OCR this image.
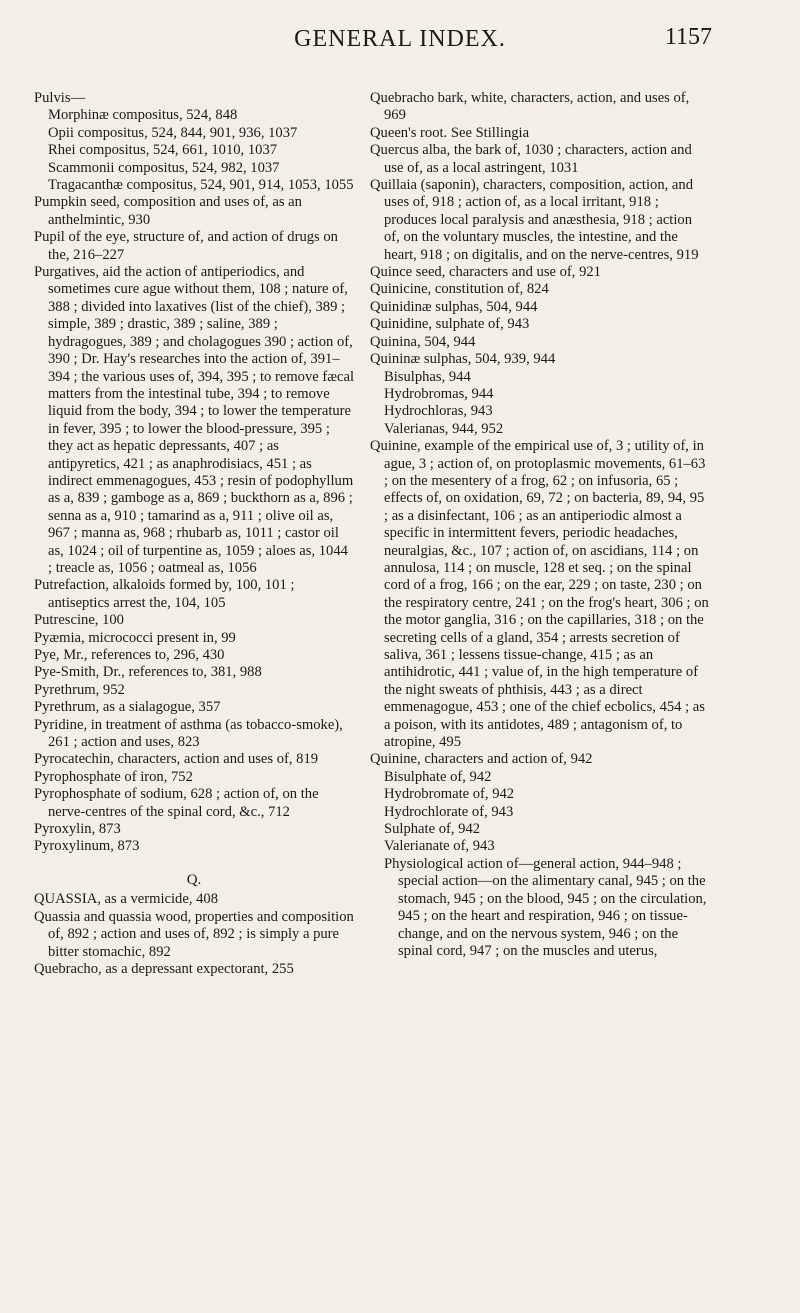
GENERAL INDEX.	1157

Pulvis—

Morphinæ compositus, 524, 848

Opii compositus, 524, 844, 901, 936, 1037

Rhei compositus, 524, 661, 1010, 1037

Scammonii compositus, 524, 982, 1037

Tragacanthæ compositus, 524, 901, 914, 1053, 1055

Pumpkin seed, composition and uses of, as an anthelmintic, 930

Pupil of the eye, structure of, and action of drugs on the, 216–227

Purgatives, aid the action of antiperiodics, and sometimes cure ague without them, 108 ; nature of, 388 ; divided into laxatives (list of the chief), 389 ; simple, 389 ; drastic, 389 ; saline, 389 ; hydragogues, 389 ; and cholagogues 390 ; action of, 390 ; Dr. Hay's researches into the action of, 391–394 ; the various uses of, 394, 395 ; to remove fæcal matters from the intestinal tube, 394 ; to remove liquid from the body, 394 ; to lower the temperature in fever, 395 ; to lower the blood-pressure, 395 ; they act as hepatic depressants, 407 ; as antipyretics, 421 ; as anaphrodisiacs, 451 ; as indirect emmenagogues, 453 ; resin of podophyllum as a, 839 ; gamboge as a, 869 ; buckthorn as a, 896 ; senna as a, 910 ; tamarind as a, 911 ; olive oil as, 967 ; manna as, 968 ; rhubarb as, 1011 ; castor oil as, 1024 ; oil of turpentine as, 1059 ; aloes as, 1044 ; treacle as, 1056 ; oatmeal as, 1056

Putrefaction, alkaloids formed by, 100, 101 ; antiseptics arrest the, 104, 105

Putrescine, 100

Pyæmia, micrococci present in, 99

Pye, Mr., references to, 296, 430

Pye-Smith, Dr., references to, 381, 988

Pyrethrum, 952

Pyrethrum, as a sialagogue, 357

Pyridine, in treatment of asthma (as tobacco-smoke), 261 ; action and uses, 823

Pyrocatechin, characters, action and uses of, 819

Pyrophosphate of iron, 752

Pyrophosphate of sodium, 628 ; action of, on the nerve-centres of the spinal cord, &c., 712

Pyroxylin, 873

Pyroxylinum, 873

Q.

QUASSIA, as a vermicide, 408

Quassia and quassia wood, properties and composition of, 892 ; action and uses of, 892 ; is simply a pure bitter stomachic, 892

Quebracho, as a depressant expectorant, 255

Quebracho bark, white, characters, action, and uses of, 969

Queen's root. See Stillingia

Quercus alba, the bark of, 1030 ; characters, action and use of, as a local astringent, 1031

Quillaia (saponin), characters, composition, action, and uses of, 918 ; action of, as a local irritant, 918 ; produces local paralysis and anæsthesia, 918 ; action of, on the voluntary muscles, the intestine, and the heart, 918 ; on digitalis, and on the nerve-centres, 919

Quince seed, characters and use of, 921

Quinicine, constitution of, 824

Quinidinæ sulphas, 504, 944

Quinidine, sulphate of, 943

Quinina, 504, 944

Quininæ sulphas, 504, 939, 944

Bisulphas, 944

Hydrobromas, 944

Hydrochloras, 943

Valerianas, 944, 952

Quinine, example of the empirical use of, 3 ; utility of, in ague, 3 ; action of, on protoplasmic movements, 61–63 ; on the mesentery of a frog, 62 ; on infusoria, 65 ; effects of, on oxidation, 69, 72 ; on bacteria, 89, 94, 95 ; as a disinfectant, 106 ; as an antiperiodic almost a specific in intermittent fevers, periodic headaches, neuralgias, &c., 107 ; action of, on ascidians, 114 ; on annulosa, 114 ; on muscle, 128 et seq. ; on the spinal cord of a frog, 166 ; on the ear, 229 ; on taste, 230 ; on the respiratory centre, 241 ; on the frog's heart, 306 ; on the motor ganglia, 316 ; on the capillaries, 318 ; on the secreting cells of a gland, 354 ; arrests secretion of saliva, 361 ; lessens tissue-change, 415 ; as an antihidrotic, 441 ; value of, in the high temperature of the night sweats of phthisis, 443 ; as a direct emmenagogue, 453 ; one of the chief ecbolics, 454 ; as a poison, with its antidotes, 489 ; antagonism of, to atropine, 495

Quinine, characters and action of, 942

Bisulphate of, 942

Hydrobromate of, 942

Hydrochlorate of, 943

Sulphate of, 942

Valerianate of, 943

Physiological action of—general action, 944–948 ; special action—on the alimentary canal, 945 ; on the stomach, 945 ; on the blood, 945 ; on the circulation, 945 ; on the heart and respiration, 946 ; on tissue-change, and on the nervous system, 946 ; on the spinal cord, 947 ; on the muscles and uterus,
